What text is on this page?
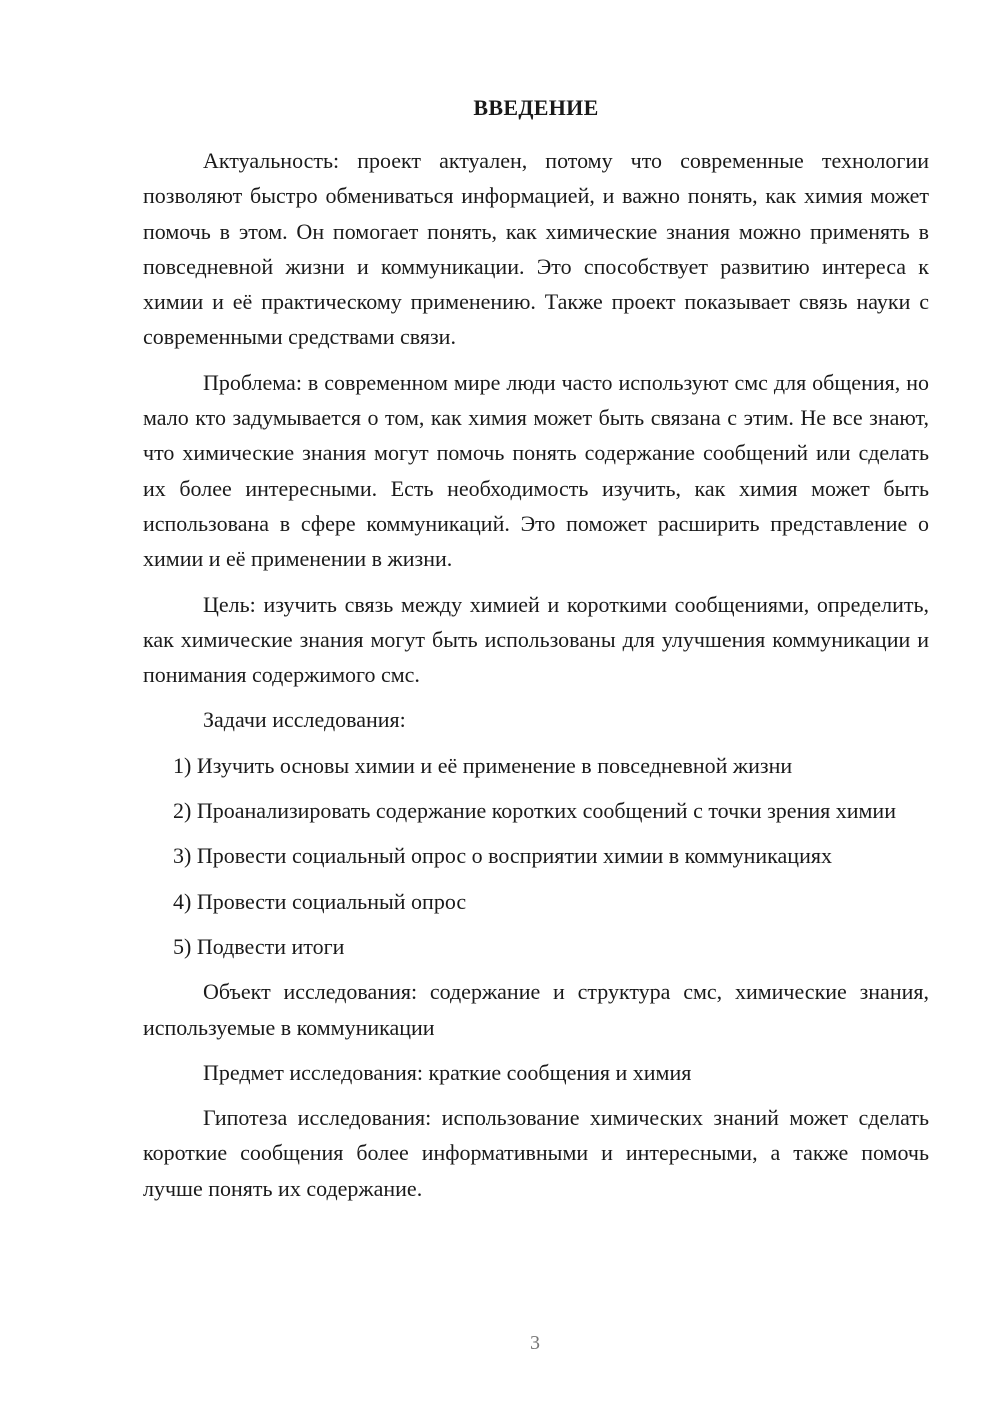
ВВЕДЕНИЕ

Актуальность: проект актуален, потому что современные технологии позволяют быстро обмениваться информацией, и важно понять, как химия может помочь в этом. Он помогает понять, как химические знания можно применять в повседневной жизни и коммуникации. Это способствует развитию интереса к химии и её практическому применению. Также проект показывает связь науки с современными средствами связи.

Проблема: в современном мире люди часто используют смс для общения, но мало кто задумывается о том, как химия может быть связана с этим. Не все знают, что химические знания могут помочь понять содержание сообщений или сделать их более интересными. Есть необходимость изучить, как химия может быть использована в сфере коммуникаций. Это поможет расширить представление о химии и её применении в жизни.

Цель: изучить связь между химией и короткими сообщениями, определить, как химические знания могут быть использованы для улучшения коммуникации и понимания содержимого смс.

Задачи исследования:

1) Изучить основы химии и её применение в повседневной жизни

2) Проанализировать содержание коротких сообщений с точки зрения химии

3) Провести социальный опрос о восприятии химии в коммуникациях

4) Провести социальный опрос

5) Подвести итоги

Объект исследования: содержание и структура смс, химические знания, используемые в коммуникации

Предмет исследования: краткие сообщения и химия

Гипотеза исследования: использование химических знаний может сделать короткие сообщения более информативными и интересными, а также помочь лучше понять их содержание.

3
